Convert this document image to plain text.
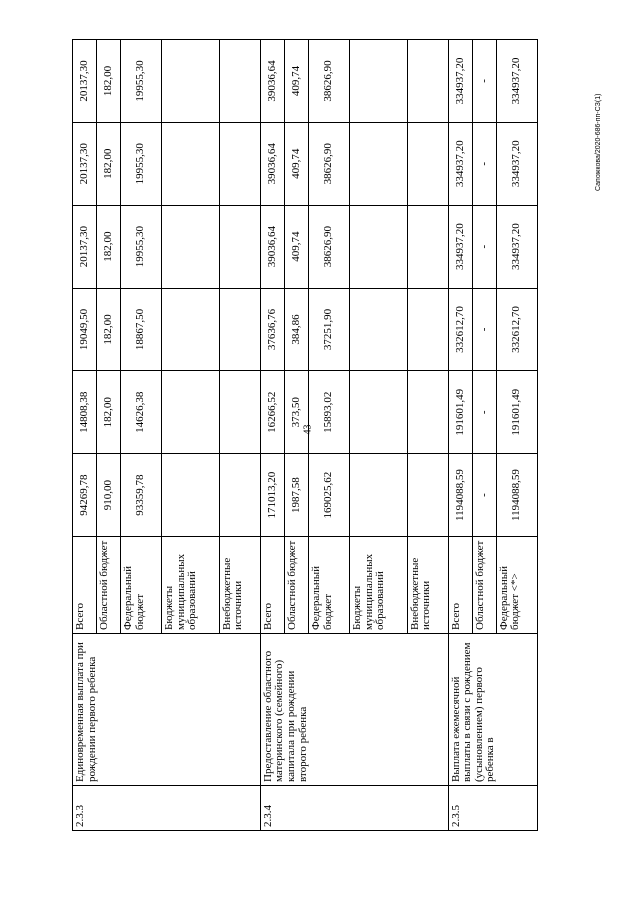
43
Сапожкова/2020-686-пп-СЗ(1)
2.3.3	Единовременная выплата при рождении первого ребенка	Всего	94269,78	14808,38	19049,50	20137,30	20137,30	20137,30
		Областной бюджет	910,00	182,00	182,00	182,00	182,00	182,00
		Федеральный бюджет	93359,78	14626,38	18867,50	19955,30	19955,30	19955,30
		Бюджеты муниципальных образований						
		Внебюджетные источники						
2.3.4	Предоставление областного материнского (семейного) капитала при рождении второго ребенка	Всего	171013,20	16266,52	37636,76	39036,64	39036,64	39036,64
		Областной бюджет	1987,58	373,50	384,86	409,74	409,74	409,74
		Федеральный бюджет	169025,62	15893,02	37251,90	38626,90	38626,90	38626,90
		Бюджеты муниципальных образований						
		Внебюджетные источники						
2.3.5	Выплата ежемесячной выплаты в связи с рождением (усыновлением) первого ребенка в	Всего	1194088,59	191601,49	332612,70	334937,20	334937,20	334937,20
		Областной бюджет	-	-	-	-	-	-
		Федеральный бюджет <*>	1194088,59	191601,49	332612,70	334937,20	334937,20	334937,20
